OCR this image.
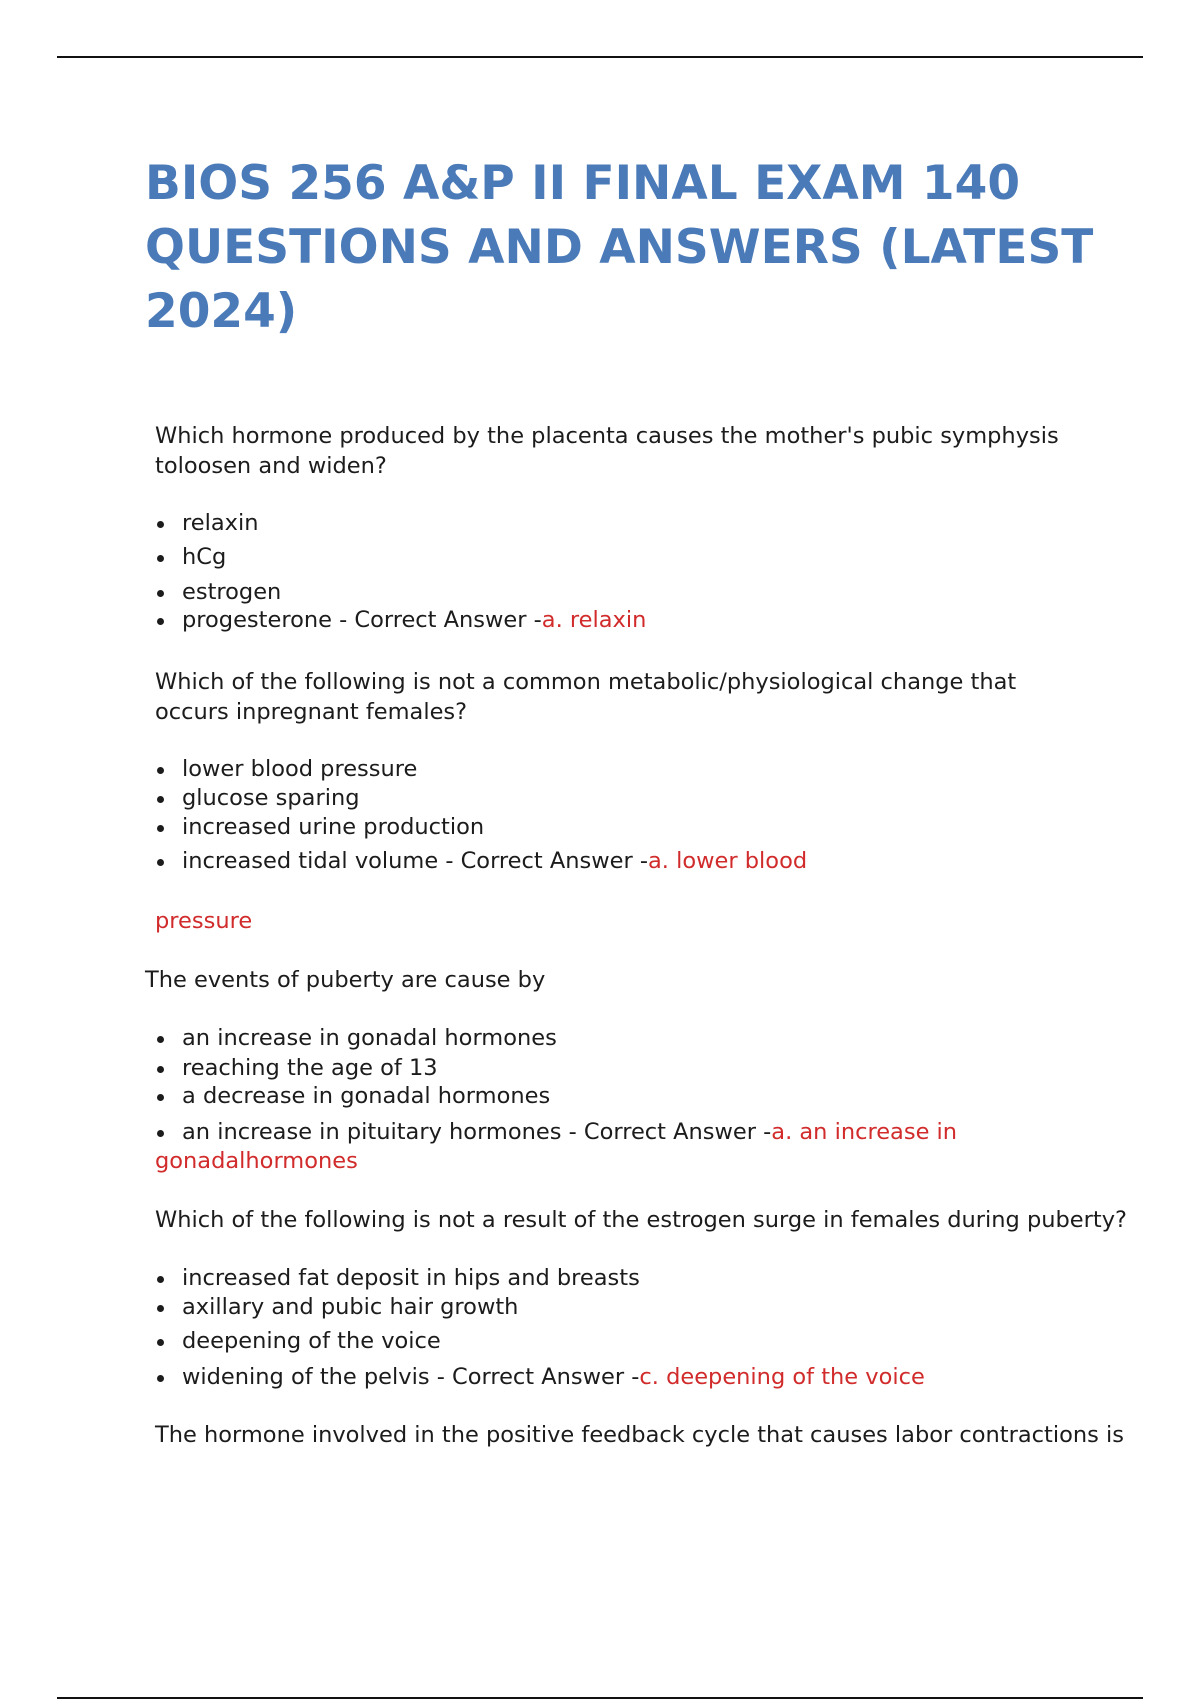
BIOS 256 A&P II FINAL EXAM 140 QUESTIONS AND ANSWERS (LATEST 2024)

Which hormone produced by the placenta causes the mother's pubic symphysis toloosen and widen?

relaxin
hCg
estrogen
progesterone - Correct Answer -a. relaxin

Which of the following is not a common metabolic/physiological change that occurs inpregnant females?

lower blood pressure
glucose sparing
increased urine production
increased tidal volume - Correct Answer -a. lower blood

pressure

The events of puberty are cause by

an increase in gonadal hormones
reaching the age of 13
a decrease in gonadal hormones
an increase in pituitary hormones - Correct Answer -a. an increase in

gonadalhormones

Which of the following is not a result of the estrogen surge in females during puberty?

increased fat deposit in hips and breasts
axillary and pubic hair growth
deepening of the voice
widening of the pelvis - Correct Answer -c. deepening of the voice

The hormone involved in the positive feedback cycle that causes labor contractions is
